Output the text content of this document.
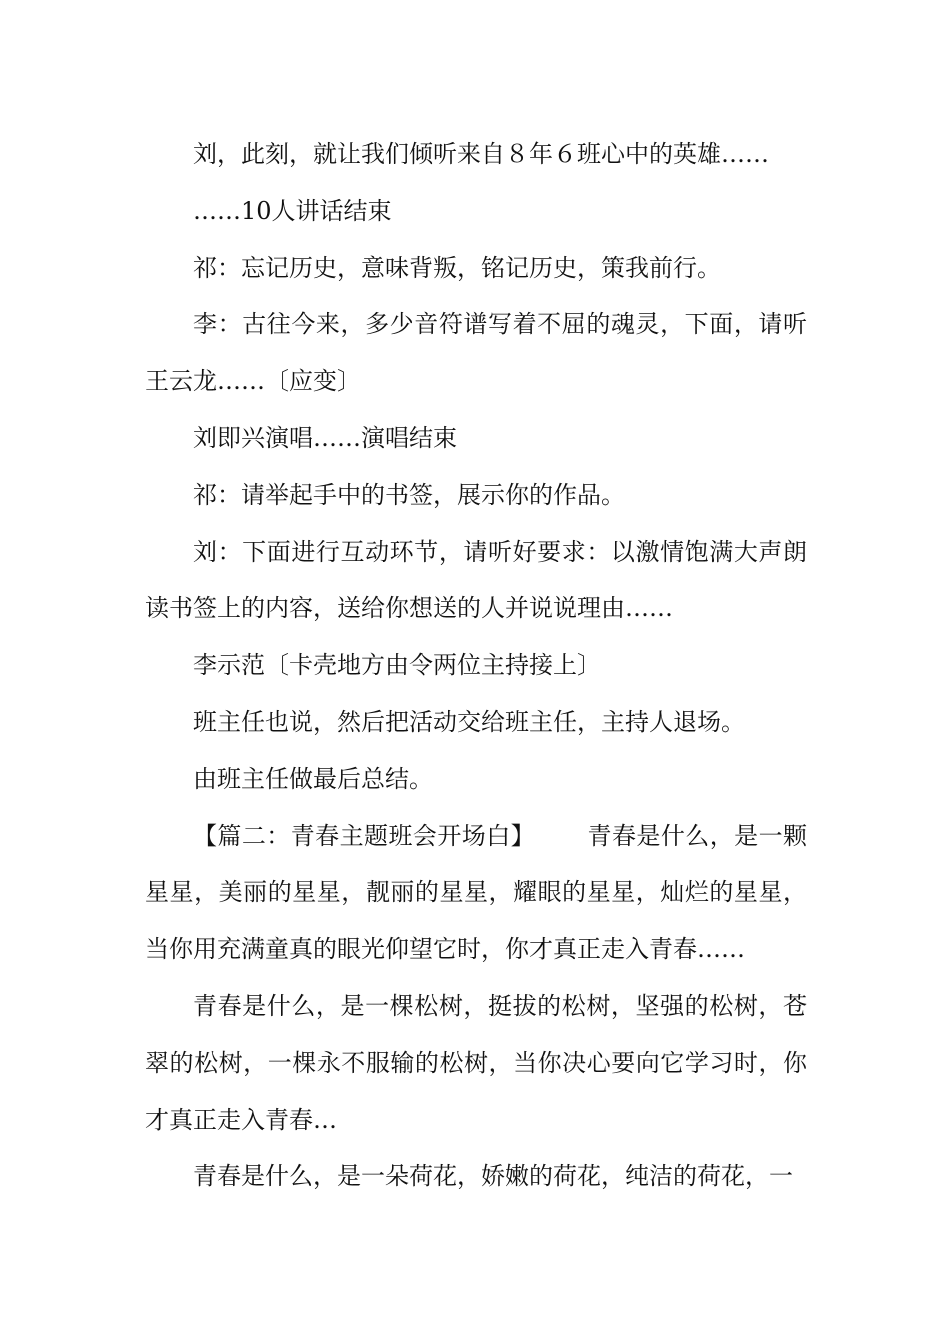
刘，此刻，就让我们倾听来自８年６班心中的英雄……

……10人讲话结束

祁：忘记历史，意味背叛，铭记历史，策我前行。

李：古往今来，多少音符谱写着不屈的魂灵，下面，请听王云龙……〔应变〕

刘即兴演唱……演唱结束

祁：请举起手中的书签，展示你的作品。

刘：下面进行互动环节，请听好要求：以激情饱满大声朗读书签上的内容，送给你想送的人并说说理由……

李示范〔卡壳地方由令两位主持接上〕

班主任也说，然后把活动交给班主任，主持人退场。

由班主任做最后总结。

【篇二：青春主题班会开场白】 青春是什么，是一颗星星，美丽的星星，靓丽的星星，耀眼的星星，灿烂的星星，当你用充满童真的眼光仰望它时，你才真正走入青春……

青春是什么，是一棵松树，挺拔的松树，坚强的松树，苍翠的松树，一棵永不服输的松树，当你决心要向它学习时，你才真正走入青春…

青春是什么，是一朵荷花，娇嫩的荷花，纯洁的荷花，一
